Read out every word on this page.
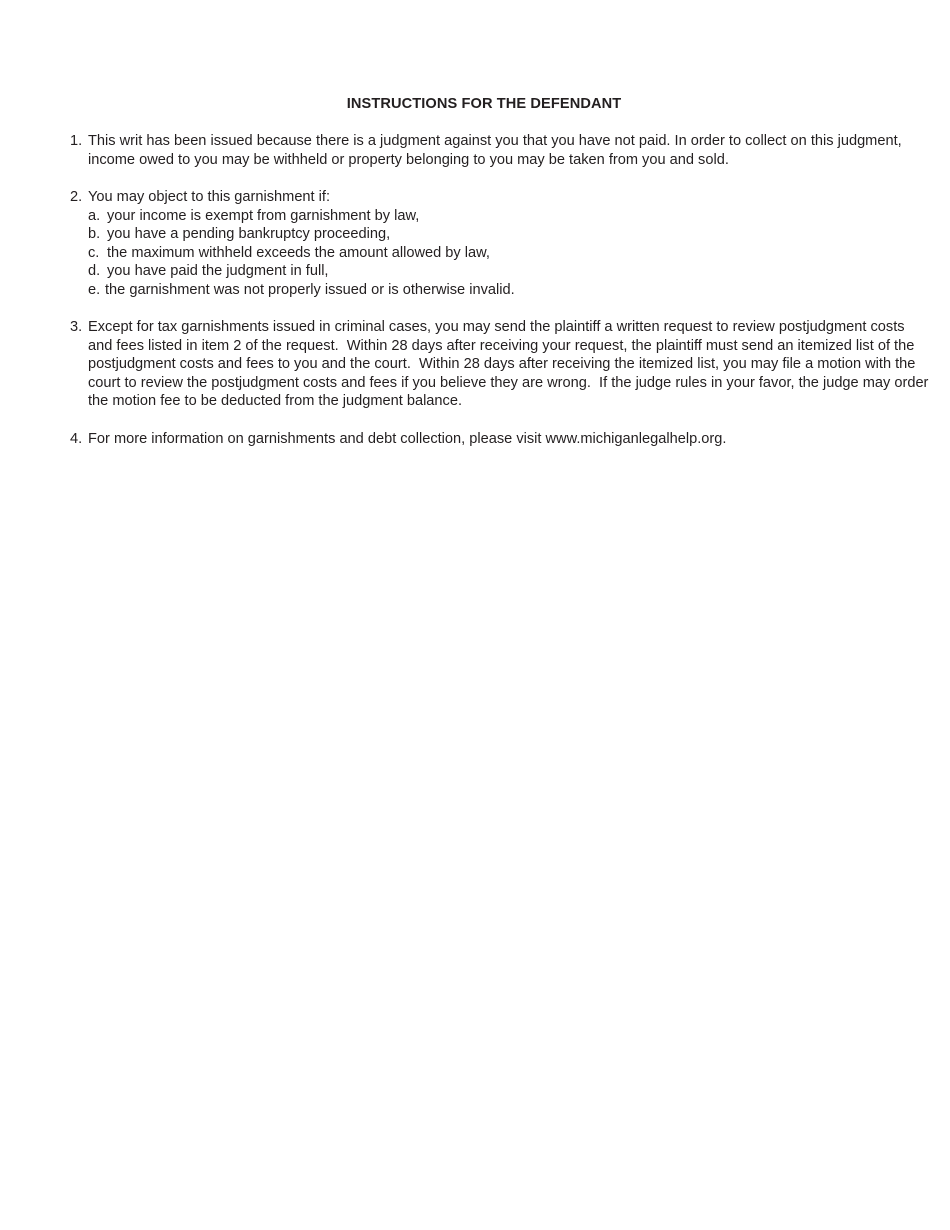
INSTRUCTIONS FOR THE DEFENDANT
1. This writ has been issued because there is a judgment against you that you have not paid. In order to collect on this judgment, income owed to you may be withheld or property belonging to you may be taken from you and sold.
2. You may object to this garnishment if:
a. your income is exempt from garnishment by law,
b. you have a pending bankruptcy proceeding,
c. the maximum withheld exceeds the amount allowed by law,
d. you have paid the judgment in full,
e. the garnishment was not properly issued or is otherwise invalid.
3. Except for tax garnishments issued in criminal cases, you may send the plaintiff a written request to review postjudgment costs and fees listed in item 2 of the request.  Within 28 days after receiving your request, the plaintiff must send an itemized list of the postjudgment costs and fees to you and the court.  Within 28 days after receiving the itemized list, you may file a motion with the court to review the postjudgment costs and fees if you believe they are wrong.  If the judge rules in your favor, the judge may order the motion fee to be deducted from the judgment balance.
4. For more information on garnishments and debt collection, please visit www.michiganlegalhelp.org.
